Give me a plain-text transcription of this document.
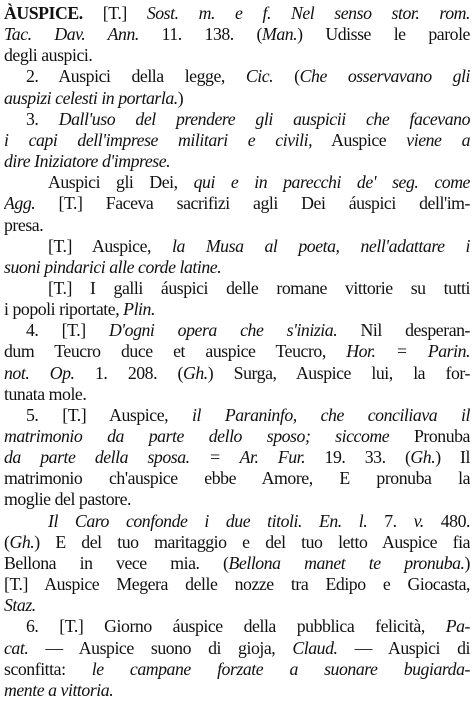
ÀUSPICE. [T.] Sost. m. e f. Nel senso stor. rom.
Tac. Dav. Ann. 11. 138. (Man.) Udisse le parole
degli auspici.
2. Auspici della legge, Cic. (Che osservavano gli
auspizi celesti in portarla.)
3. Dall'uso del prendere gli auspicii che facevano
i capi dell'imprese militari e civili, Auspice viene a
dire Iniziatore d'imprese.
Auspici gli Dei, qui e in parecchi de' seg. come
Agg. [T.] Faceva sacrifizi agli Dei áuspici dell'im-
presa.
[T.] Auspice, la Musa al poeta, nell'adattare i
suoni pindarici alle corde latine.
[T.] I galli áuspici delle romane vittorie su tutti
i popoli riportate, Plin.
4. [T.] D'ogni opera che s'inizia. Nil desperan-
dum Teucro duce et auspice Teucro, Hor. = Parin.
not. Op. 1. 208. (Gh.) Surga, Auspice lui, la for-
tunata mole.
5. [T.] Auspice, il Paraninfo, che conciliava il
matrimonio da parte dello sposo; siccome Pronuba
da parte della sposa. = Ar. Fur. 19. 33. (Gh.) Il
matrimonio ch'auspice ebbe Amore, E pronuba la
moglie del pastore.
Il Caro confonde i due titoli. En. l. 7. v. 480.
(Gh.) E del tuo maritaggio e del tuo letto Auspice fia
Bellona in vece mia. (Bellona manet te pronuba.)
[T.] Auspice Megera delle nozze tra Edipo e Giocasta,
Staz.
6. [T.] Giorno áuspice della pubblica felicità, Pa-
cat. — Auspice suono di gioja, Claud. — Auspici di
sconfitta: le campane forzate a suonare bugiarda-
mente a vittoria.
